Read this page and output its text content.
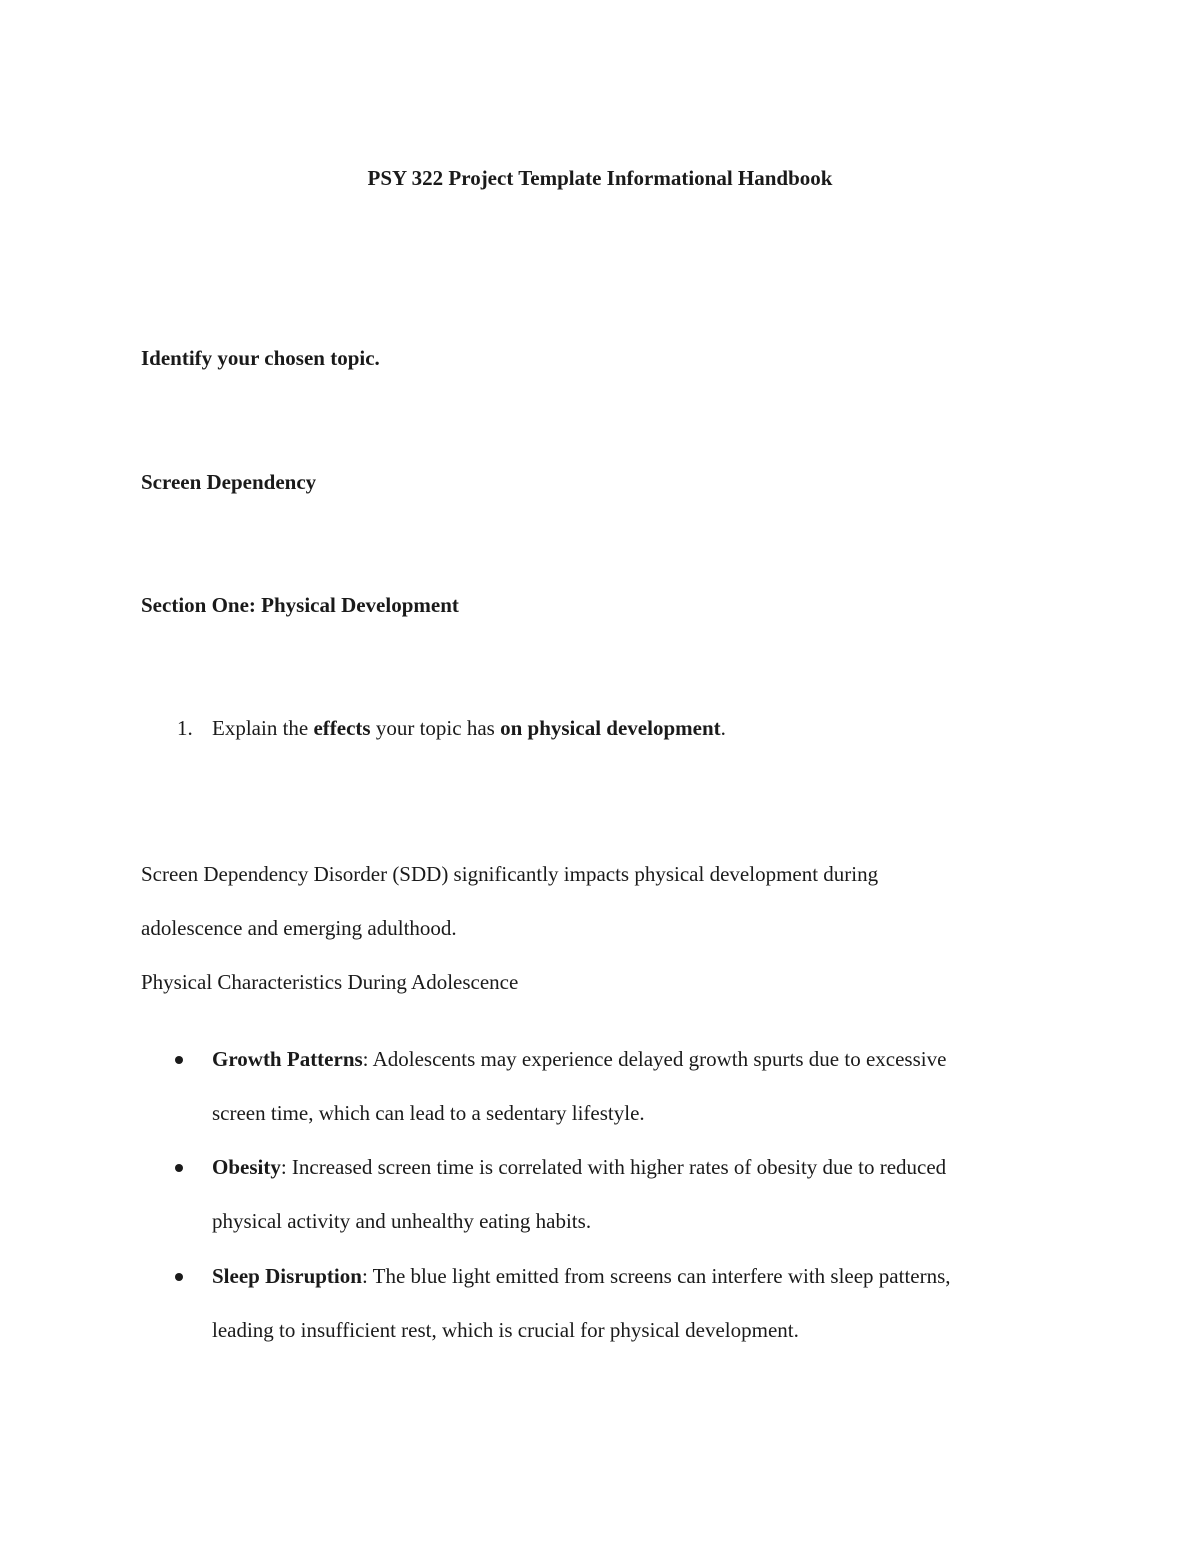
PSY 322 Project Template Informational Handbook
Identify your chosen topic.
Screen Dependency
Section One: Physical Development
1. Explain the effects your topic has on physical development.
Screen Dependency Disorder (SDD) significantly impacts physical development during
adolescence and emerging adulthood.
Physical Characteristics During Adolescence
Growth Patterns: Adolescents may experience delayed growth spurts due to excessive
screen time, which can lead to a sedentary lifestyle.
Obesity: Increased screen time is correlated with higher rates of obesity due to reduced
physical activity and unhealthy eating habits.
Sleep Disruption: The blue light emitted from screens can interfere with sleep patterns,
leading to insufficient rest, which is crucial for physical development.
